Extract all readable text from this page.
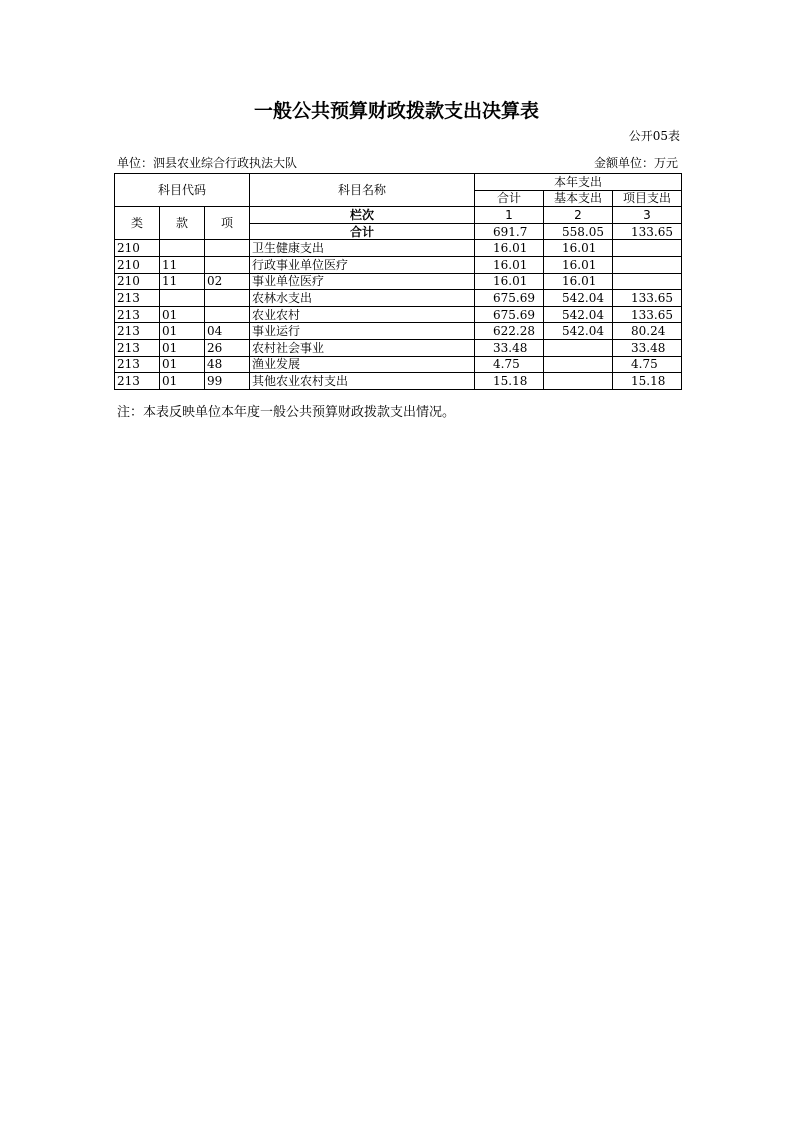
一般公共预算财政拨款支出决算表
公开05表
单位：泗县农业综合行政执法大队	金额单位：万元
科目代码			科目名称	本年支出		
				合计	基本支出	项目支出
类	款	项	栏次	1	2	3
			合计	691.7	558.05	133.65
210			卫生健康支出	16.01	16.01	
210	11		行政事业单位医疗	16.01	16.01	
210	11	02	事业单位医疗	16.01	16.01	
213			农林水支出	675.69	542.04	133.65
213	01		农业农村	675.69	542.04	133.65
213	01	04	事业运行	622.28	542.04	80.24
213	01	26	农村社会事业	33.48		33.48
213	01	48	渔业发展	4.75		4.75
213	01	99	其他农业农村支出	15.18		15.18
注：本表反映单位本年度一般公共预算财政拨款支出情况。
